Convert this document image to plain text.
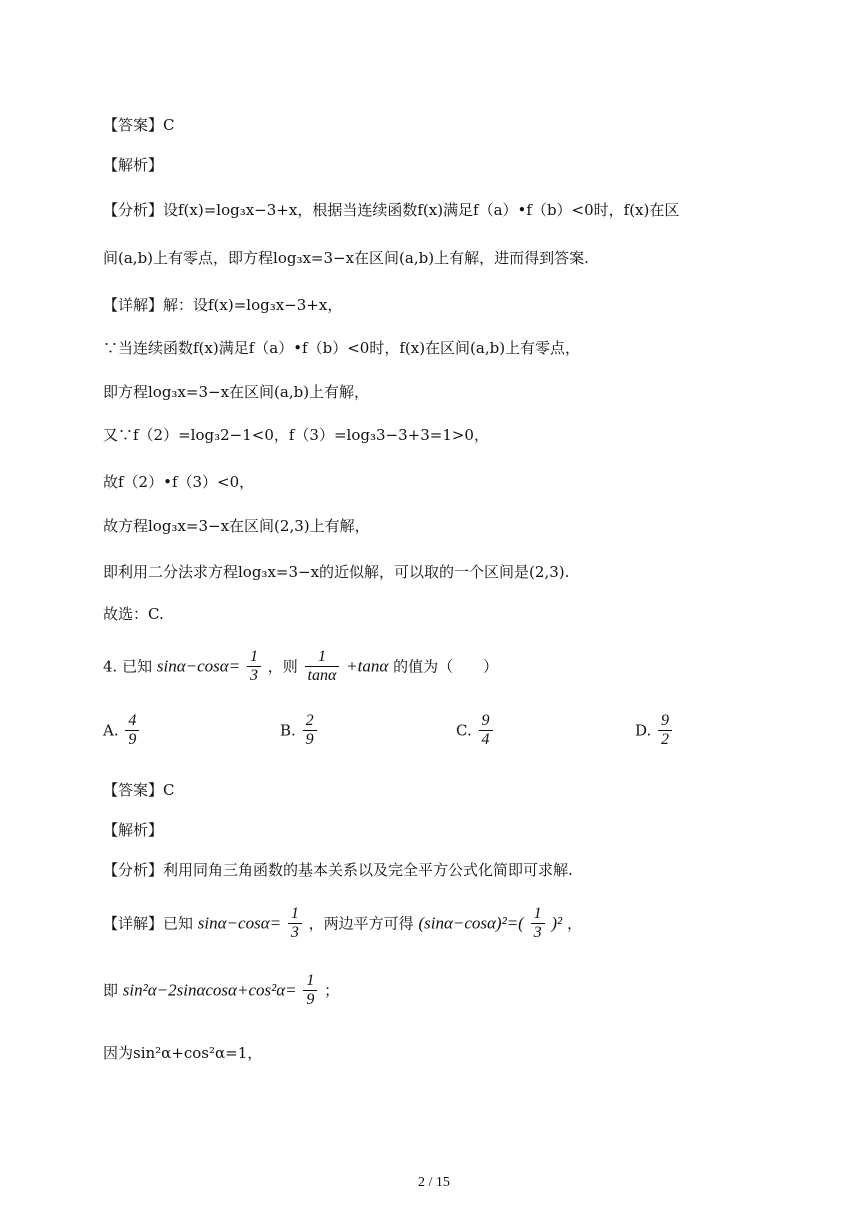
【答案】C
【解析】
【分析】设f(x)=log₃x−3+x，根据当连续函数f(x)满足f（a）•f（b）<0时，f(x)在区
间(a,b)上有零点，即方程log₃x=3−x在区间(a,b)上有解，进而得到答案.
【详解】解：设f(x)=log₃x−3+x，
∵当连续函数f(x)满足f（a）•f（b）<0时，f(x)在区间(a,b)上有零点，
即方程log₃x=3−x在区间(a,b)上有解，
又∵f（2）=log₃2−1<0，f（3）=log₃3−3+3=1>0，
故f（2）•f（3）<0，
故方程log₃x=3−x在区间(2,3)上有解，
即利用二分法求方程log₃x=3−x的近似解，可以取的一个区间是(2,3).
故选：C.
4. 已知 $\sin\alpha-\cos\alpha= \frac{1}{3}$ ，则 $\frac{1}{\tan\alpha} +\tan\alpha$ 的值为（　　）
A. $\frac{4}{9}$	B. $\frac{2}{9}$	C. $\frac{9}{4}$	D. $\frac{9}{2}$
【答案】C
【解析】
【分析】利用同角三角函数的基本关系以及完全平方公式化简即可求解.
【详解】已知 $\sin\alpha-\cos\alpha= \frac{1}{3}$ ，两边平方可得 $(\sin\alpha-\cos\alpha)^2=( \frac{1}{3} )^2$ ，
即 $\sin^2\alpha-2\sin\alpha\cos\alpha+\cos^2\alpha= \frac{1}{9}$ ；
因为sin²α+cos²α=1，
2 / 15
